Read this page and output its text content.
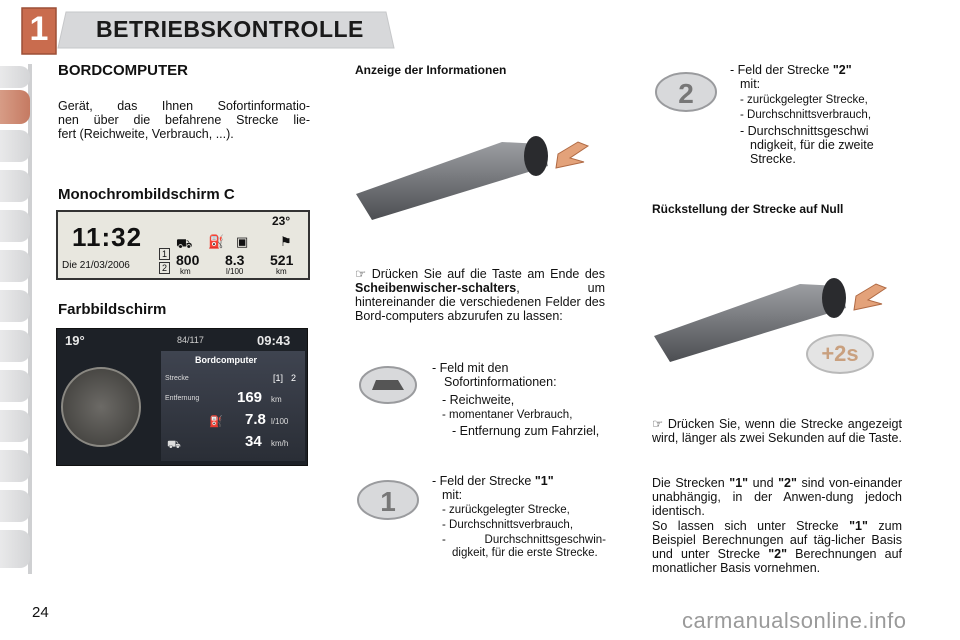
1 BETRIEBSKONTROLLE
BORDCOMPUTER
Gerät, das Ihnen Sofortinformatio-
nen über die befahrene Strecke lie-
fert (Reichweite, Verbrauch, ...).
Monochrombildschirm C
11:32
Die 21/03/2006
23°
1
2
⛟ ⛽ ▣ ⚑
800 8.3 521
km	l/100	km
Farbbildschirm
19°	84/117	09:43
Bordcomputer
Strecke	[1] 2
Entfernung	169 km
⛽ 7.8 l/100
⛟	34 km/h
Anzeige der Informationen
☞ Drücken Sie auf die Taste am Ende des Scheibenwischer-schalters, um hintereinander die verschiedenen Felder des Bord-computers abzurufen zu lassen:
- Feld mit den Sofortinformationen:
- Reichweite,
- momentaner Verbrauch,
- Entfernung zum Fahrziel,
1
- Feld der Strecke "1"
mit:
- zurückgelegter Strecke,
- Durchschnittsverbrauch,
- Durchschnittsgeschwin-digkeit, für die erste Strecke.
2
- Feld der Strecke "2"
mit:
- zurückgelegter Strecke,
- Durchschnittsverbrauch,
- Durchschnittsgeschwi ndigkeit, für die zweite Strecke.
Rückstellung der Strecke auf Null
+2s
☞ Drücken Sie, wenn die Strecke angezeigt wird, länger als zwei Sekunden auf die Taste.
Die Strecken "1" und "2" sind von-einander unabhängig, in der Anwen-dung jedoch identisch.
So lassen sich unter Strecke "1" zum Beispiel Berechnungen auf täg-licher Basis und unter Strecke "2" Berechnungen auf monatlicher Basis vornehmen.
24	carmanualsonline.info
